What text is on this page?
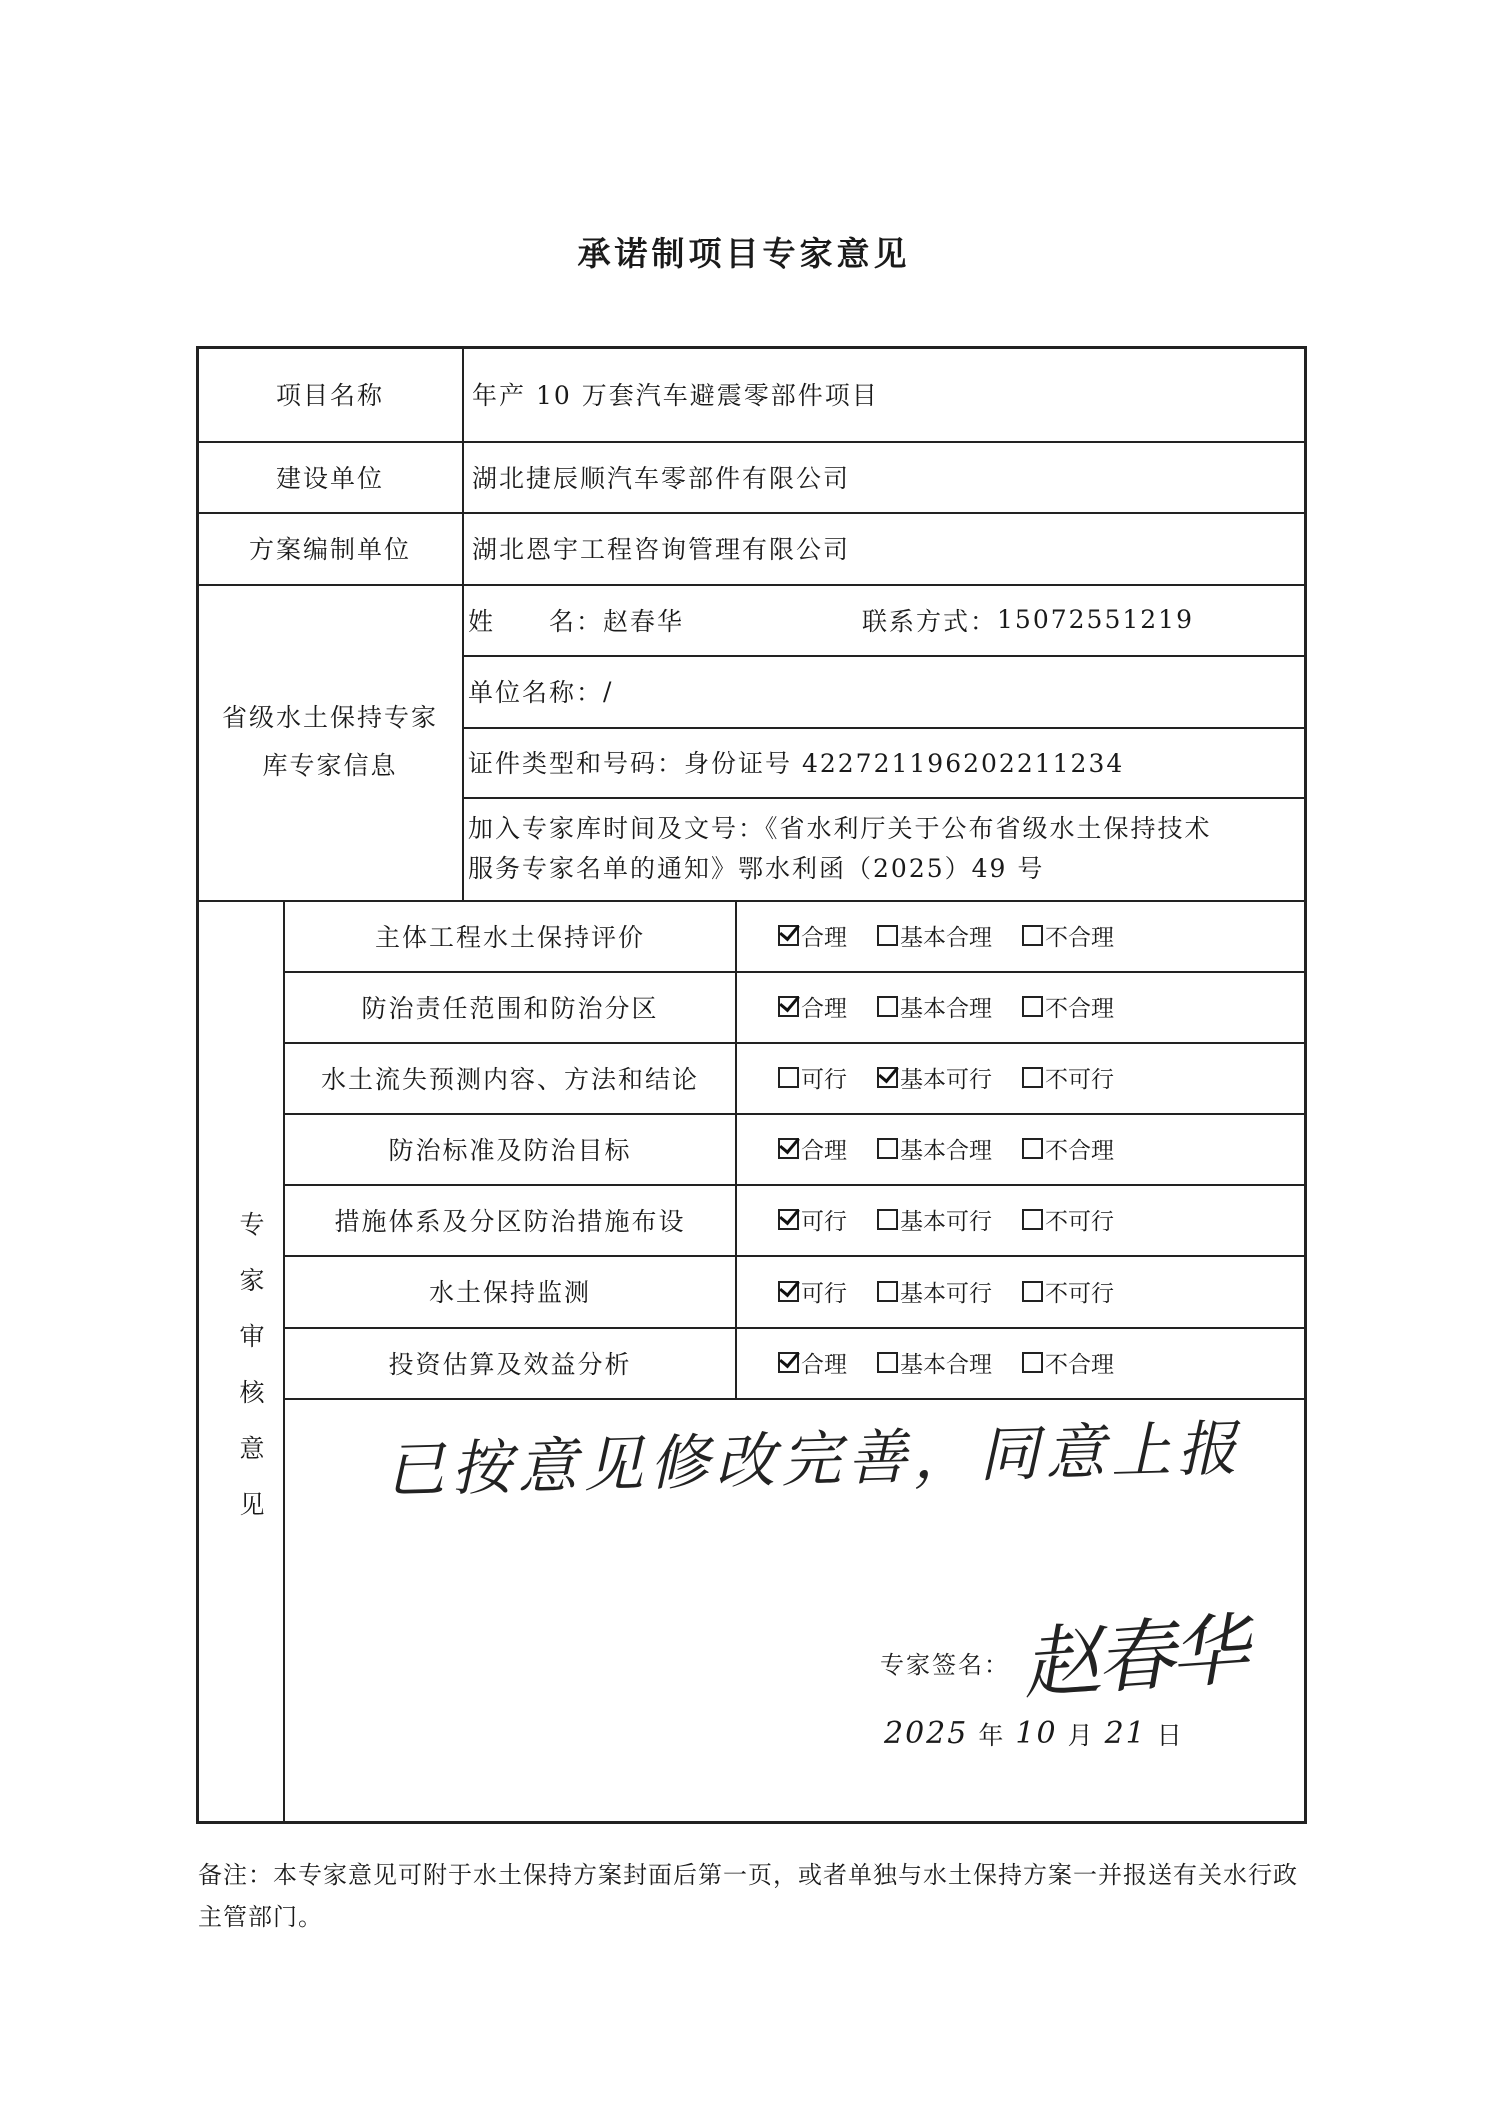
承诺制项目专家意见
项目名称	年产 10 万套汽车避震零部件项目
建设单位	湖北捷辰顺汽车零部件有限公司
方案编制单位	湖北恩宇工程咨询管理有限公司
省级水土保持专家
库专家信息
姓　　名： 赵春华	联系方式： 15072551219
单位名称： /
证件类型和号码： 身份证号 422721196202211234
加入专家库时间及文号：《省水利厅关于公布省级水土保持技术
服务专家名单的通知》鄂水利函（2025）49 号
专
家
审
核
意
见
主体工程水土保持评价	合理 基本合理 不合理
防治责任范围和防治分区	合理 基本合理 不合理
水土流失预测内容、方法和结论	可行 基本可行 不可行
防治标准及防治目标	合理 基本合理 不合理
措施体系及分区防治措施布设	可行 基本可行 不可行
水土保持监测	可行 基本可行 不可行
投资估算及效益分析	合理 基本合理 不合理
已按意见修改完善，同意上报
专家签名： 赵春华
2025 年 10 月 21 日
备注：本专家意见可附于水土保持方案封面后第一页，或者单独与水土保持方案一并报送有关水行政主管部门。
